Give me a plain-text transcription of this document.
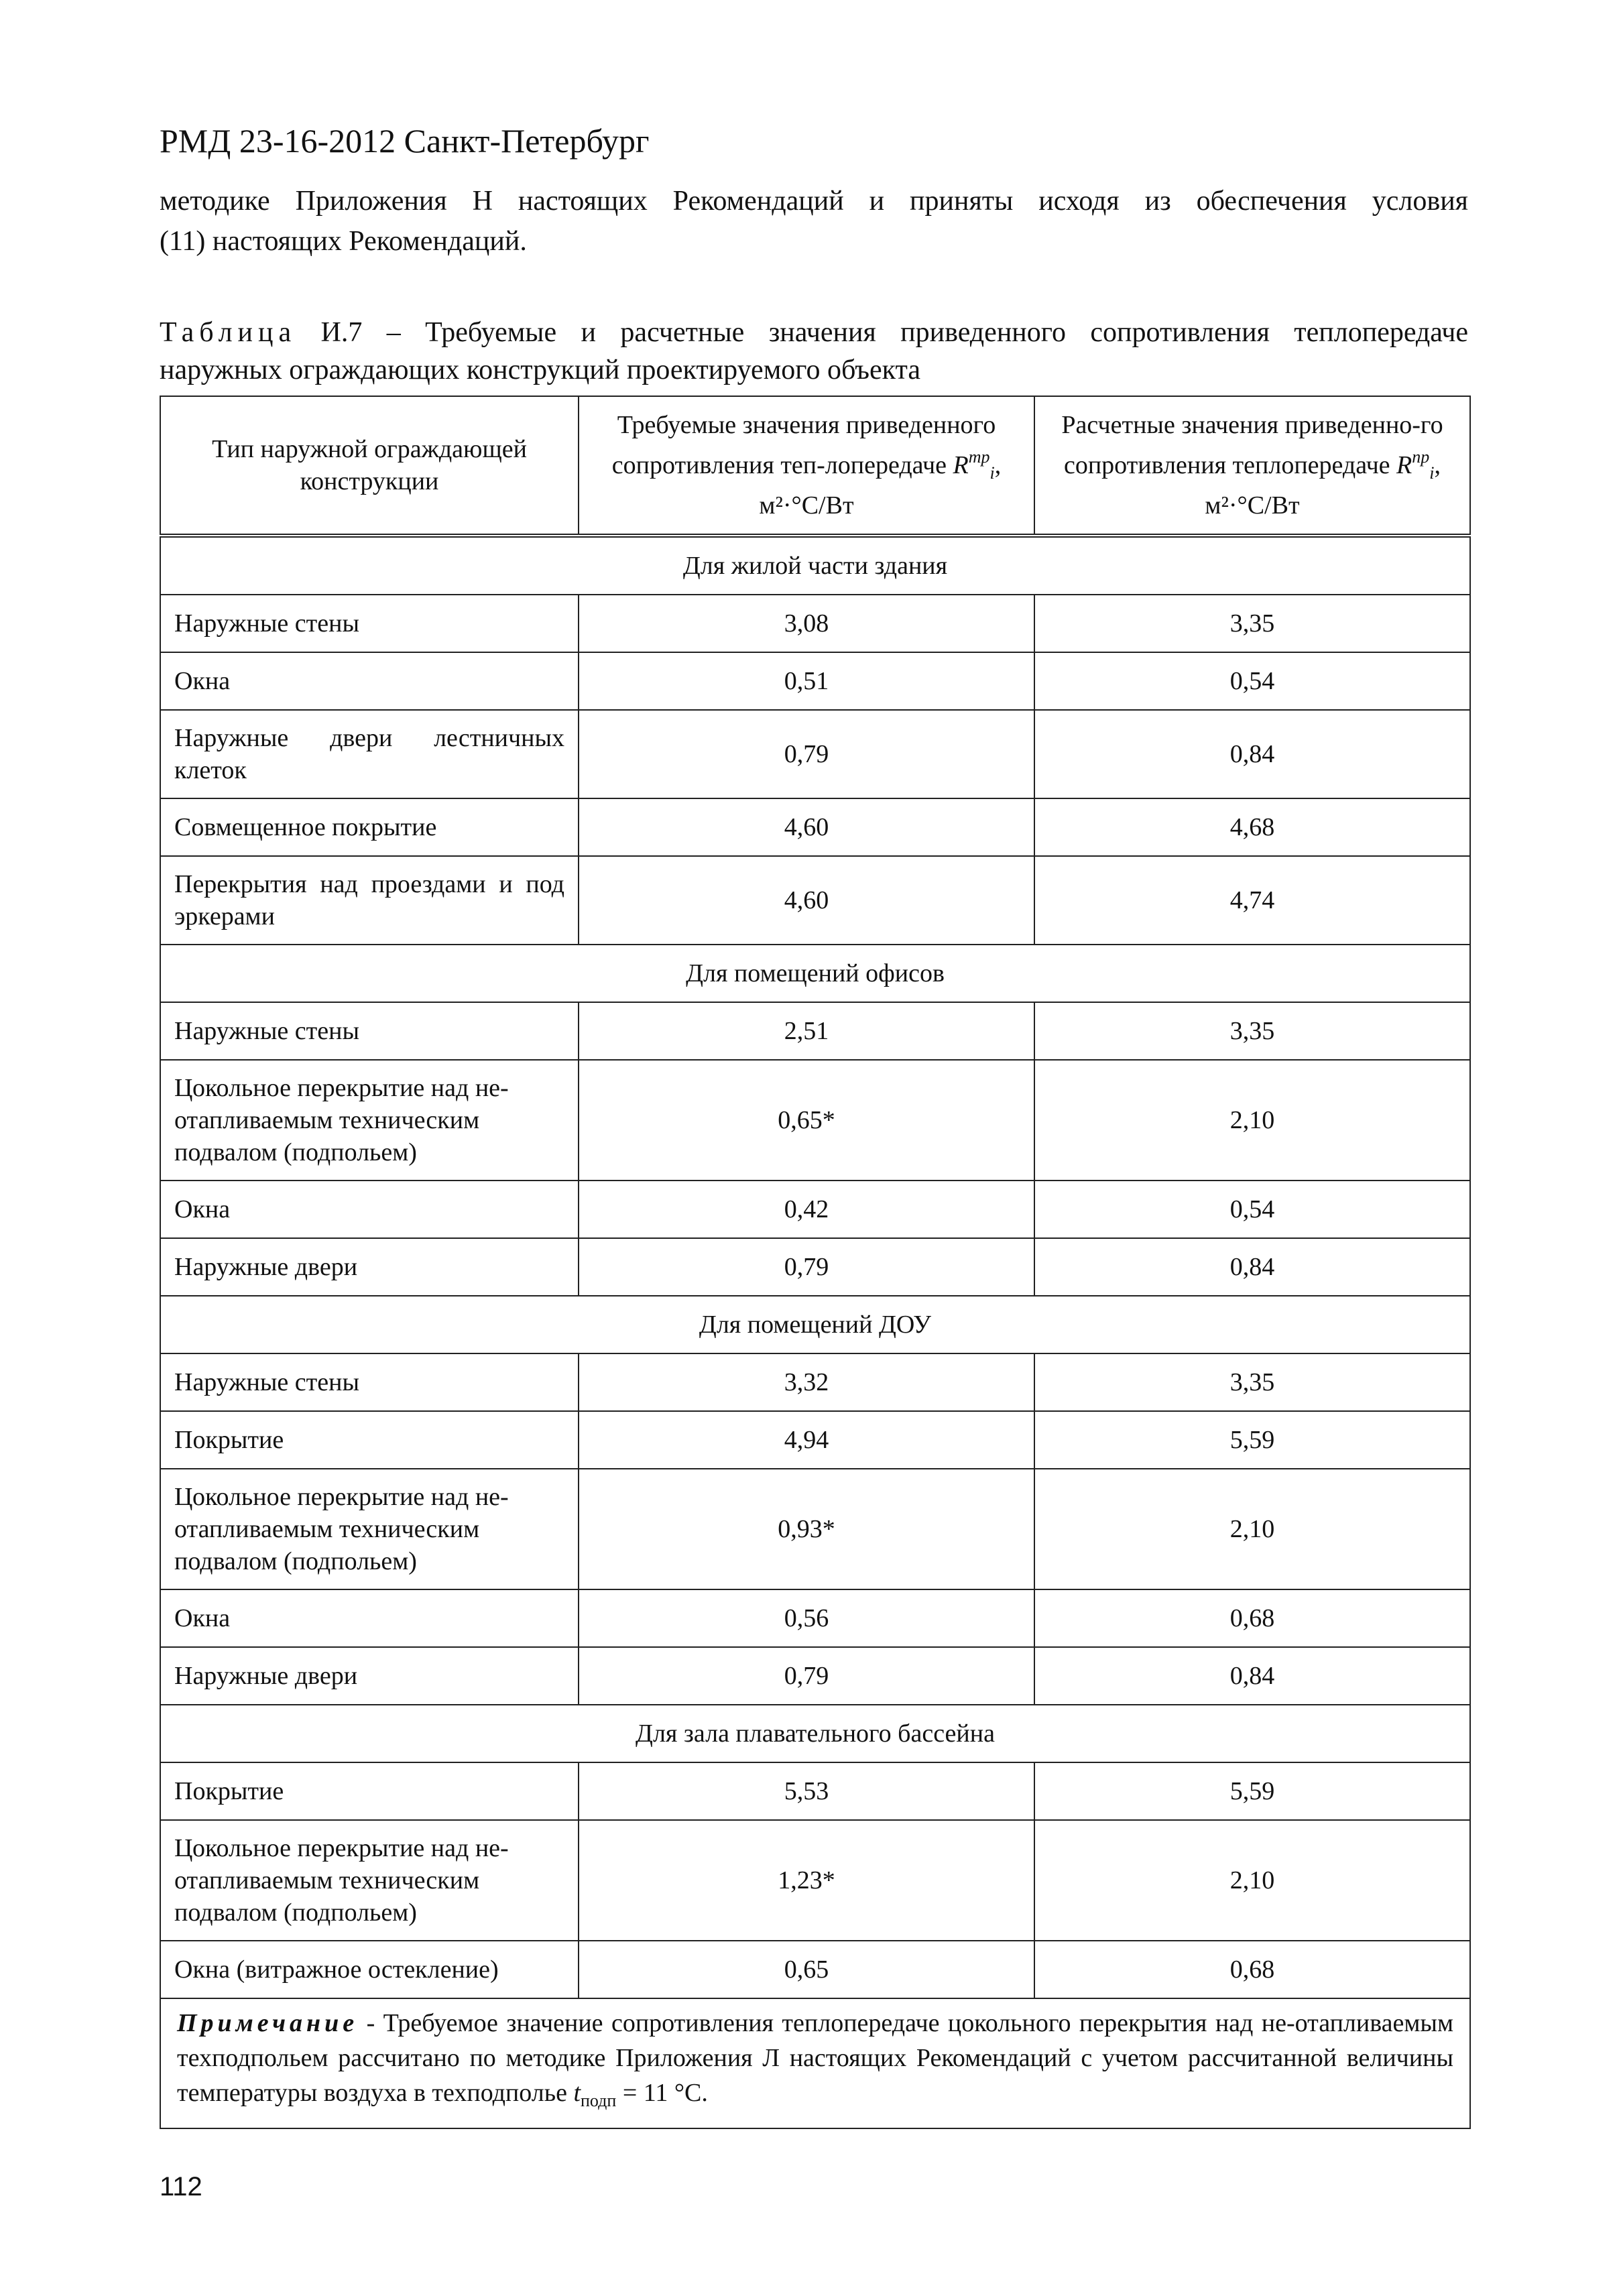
РМД 23-16-2012 Санкт-Петербург
методике Приложения Н настоящих Рекомендаций и приняты исходя из обеспечения условия
(11) настоящих Рекомендаций.
Таблица И.7 – Требуемые и расчетные значения приведенного сопротивления теплопередаче
наружных ограждающих конструкций проектируемого объекта
Тип наружной ограждающей конструкции	Требуемые значения приведенного сопротивления теп-лопередаче $R^{тр}_i$, м²·°С/Вт	Расчетные значения приведенно-го сопротивления теплопередаче $R^{пр}_i$, м²·°С/Вт
Для жилой части здания		
Наружные стены	3,08	3,35
Окна	0,51	0,54
Наружные двери лестничных клеток	0,79	0,84
Совмещенное покрытие	4,60	4,68
Перекрытия над проездами и под эркерами	4,60	4,74
Для помещений офисов		
Наружные стены	2,51	3,35
Цокольное перекрытие над не-отапливаемым техническим подвалом (подпольем)	0,65*	2,10
Окна	0,42	0,54
Наружные двери	0,79	0,84
Для помещений ДОУ		
Наружные стены	3,32	3,35
Покрытие	4,94	5,59
Цокольное перекрытие над не-отапливаемым техническим подвалом (подпольем)	0,93*	2,10
Окна	0,56	0,68
Наружные двери	0,79	0,84
Для зала плавательного бассейна		
Покрытие	5,53	5,59
Цокольное перекрытие над не-отапливаемым техническим подвалом (подпольем)	1,23*	2,10
Окна (витражное остекление)	0,65	0,68
Примечание - Требуемое значение сопротивления теплопередаче цокольного перекрытия над не-отапливаемым техподпольем рассчитано по методике Приложения Л настоящих Рекомендаций с учетом рассчитанной величины температуры воздуха в техподполье $t_{подп} = 11$ °С.		
112
